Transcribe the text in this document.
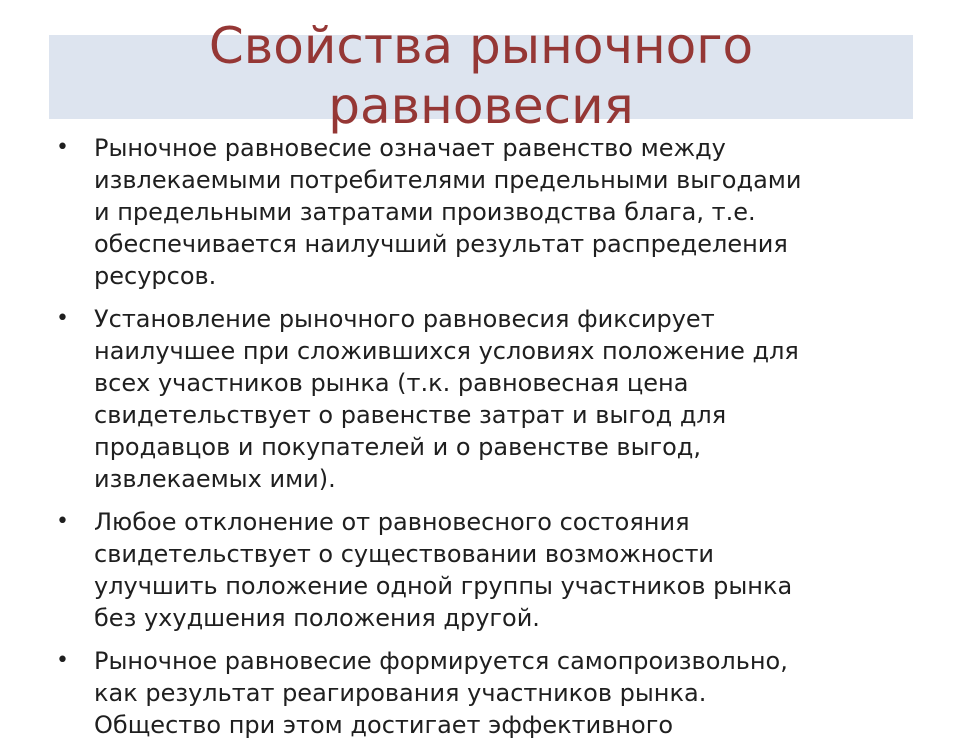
Свойства рыночного
равновесия
• Рыночное равновесие означает равенство между
извлекаемыми потребителями предельными выгодами
и предельными затратами производства блага, т.е.
обеспечивается наилучший результат распределения
ресурсов.
• Установление рыночного равновесия фиксирует
наилучшее при сложившихся условиях положение для
всех участников рынка (т.к. равновесная цена
свидетельствует о равенстве затрат и выгод для
продавцов и покупателей и о равенстве выгод,
извлекаемых ими).
• Любое отклонение от равновесного состояния
свидетельствует о существовании возможности
улучшить положение одной группы участников рынка
без ухудшения положения другой.
• Рыночное равновесие формируется самопроизвольно,
как результат реагирования участников рынка.
Общество при этом достигает эффективного
